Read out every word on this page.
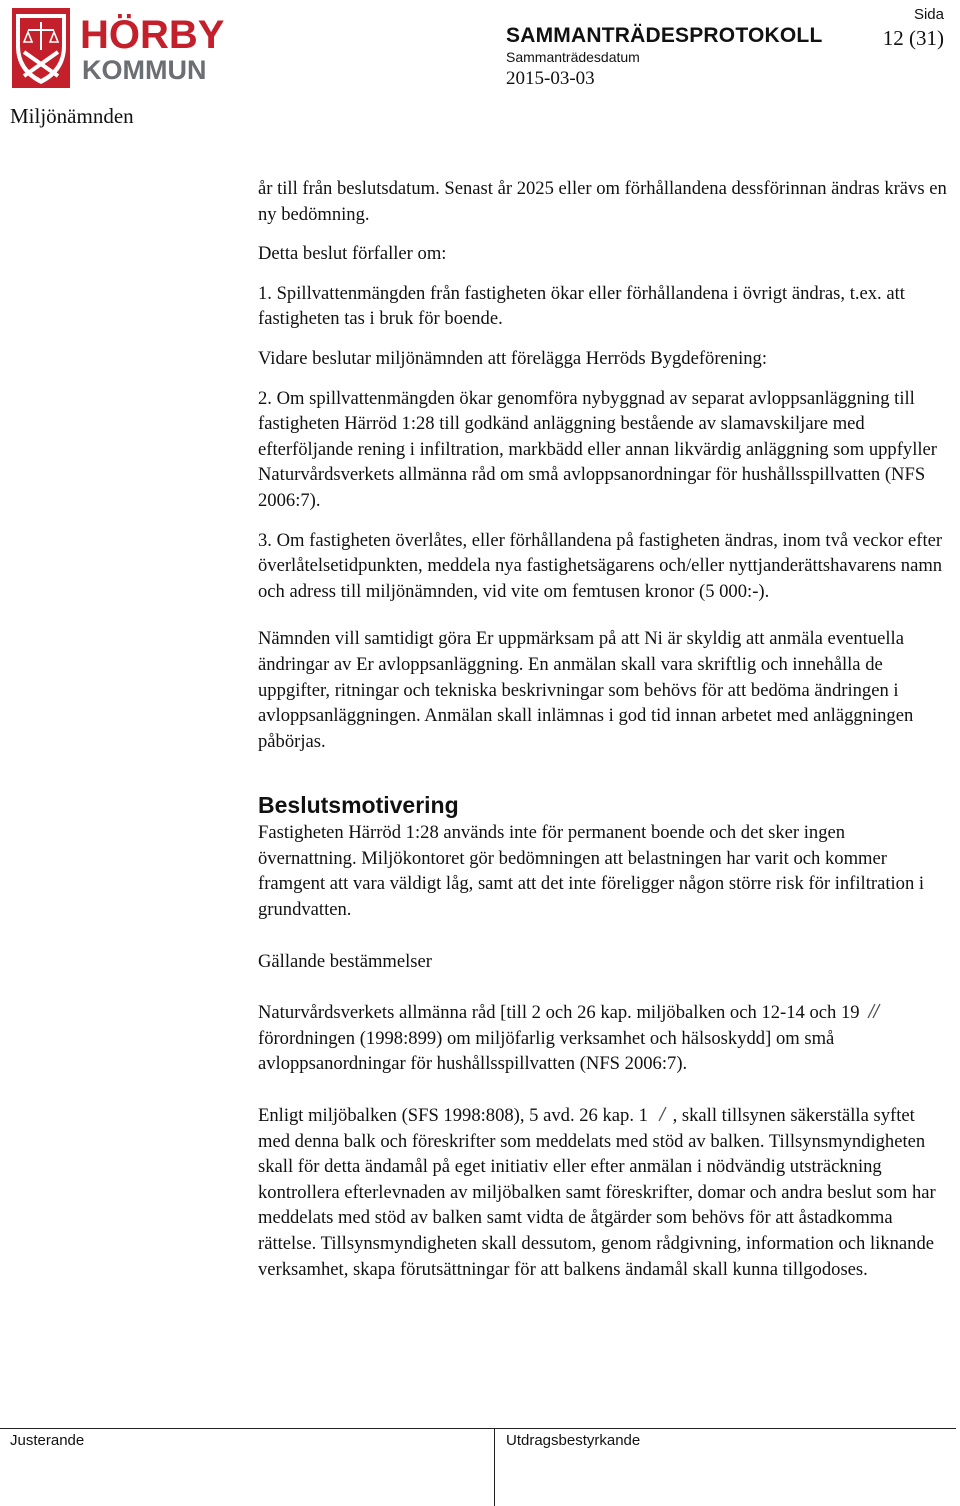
HÖRBY
KOMMUN
Miljönämnden
SAMMANTRÄDESPROTOKOLL
Sammanträdesdatum
2015-03-03
Sida
12 (31)

år till från beslutsdatum. Senast år 2025 eller om förhållandena dessförinnan ändras krävs en ny bedömning.

Detta beslut förfaller om:

1. Spillvattenmängden från fastigheten ökar eller förhållandena i övrigt ändras, t.ex. att fastigheten tas i bruk för boende.

Vidare beslutar miljönämnden att förelägga Herröds Bygdeförening:

2. Om spillvattenmängden ökar genomföra nybyggnad av separat avloppsanläggning till fastigheten Härröd 1:28 till godkänd anläggning bestående av slamavskiljare med efterföljande rening i infiltration, markbädd eller annan likvärdig anläggning som uppfyller Naturvårdsverkets allmänna råd om små avloppsanordningar för hushållsspillvatten (NFS 2006:7).

3. Om fastigheten överlåtes, eller förhållandena på fastigheten ändras, inom två veckor efter överlåtelsetidpunkten, meddela nya fastighetsägarens och/eller nyttjanderättshavarens namn och adress till miljönämnden, vid vite om femtusen kronor (5 000:-).

Nämnden vill samtidigt göra Er uppmärksam på att Ni är skyldig att anmäla eventuella ändringar av Er avloppsanläggning. En anmälan skall vara skriftlig och innehålla de uppgifter, ritningar och tekniska beskrivningar som behövs för att bedöma ändringen i avloppsanläggningen. Anmälan skall inlämnas i god tid innan arbetet med anläggningen påbörjas.

Beslutsmotivering

Fastigheten Härröd 1:28 används inte för permanent boende och det sker ingen övernattning. Miljökontoret gör bedömningen att belastningen har varit och kommer framgent att vara väldigt låg, samt att det inte föreligger någon större risk för infiltration i grundvatten.

Gällande bestämmelser

Naturvårdsverkets allmänna råd [till 2 och 26 kap. miljöbalken och 12-14 och 19
förordningen (1998:899) om miljöfarlig verksamhet och hälsoskydd] om små avloppsanordningar för hushållsspillvatten (NFS 2006:7).

Enligt miljöbalken (SFS 1998:808), 5 avd. 26 kap. 1 , skall tillsynen säkerställa syftet med denna balk och föreskrifter som meddelats med stöd av balken. Tillsynsmyndigheten skall för detta ändamål på eget initiativ eller efter anmälan i nödvändig utsträckning kontrollera efterlevnaden av miljöbalken samt föreskrifter, domar och andra beslut som har meddelats med stöd av balken samt vidta de åtgärder som behövs för att åstadkomma rättelse. Tillsynsmyndigheten skall dessutom, genom rådgivning, information och liknande verksamhet, skapa förutsättningar för att balkens ändamål skall kunna tillgodoses.

Justerande	Utdragsbestyrkande
